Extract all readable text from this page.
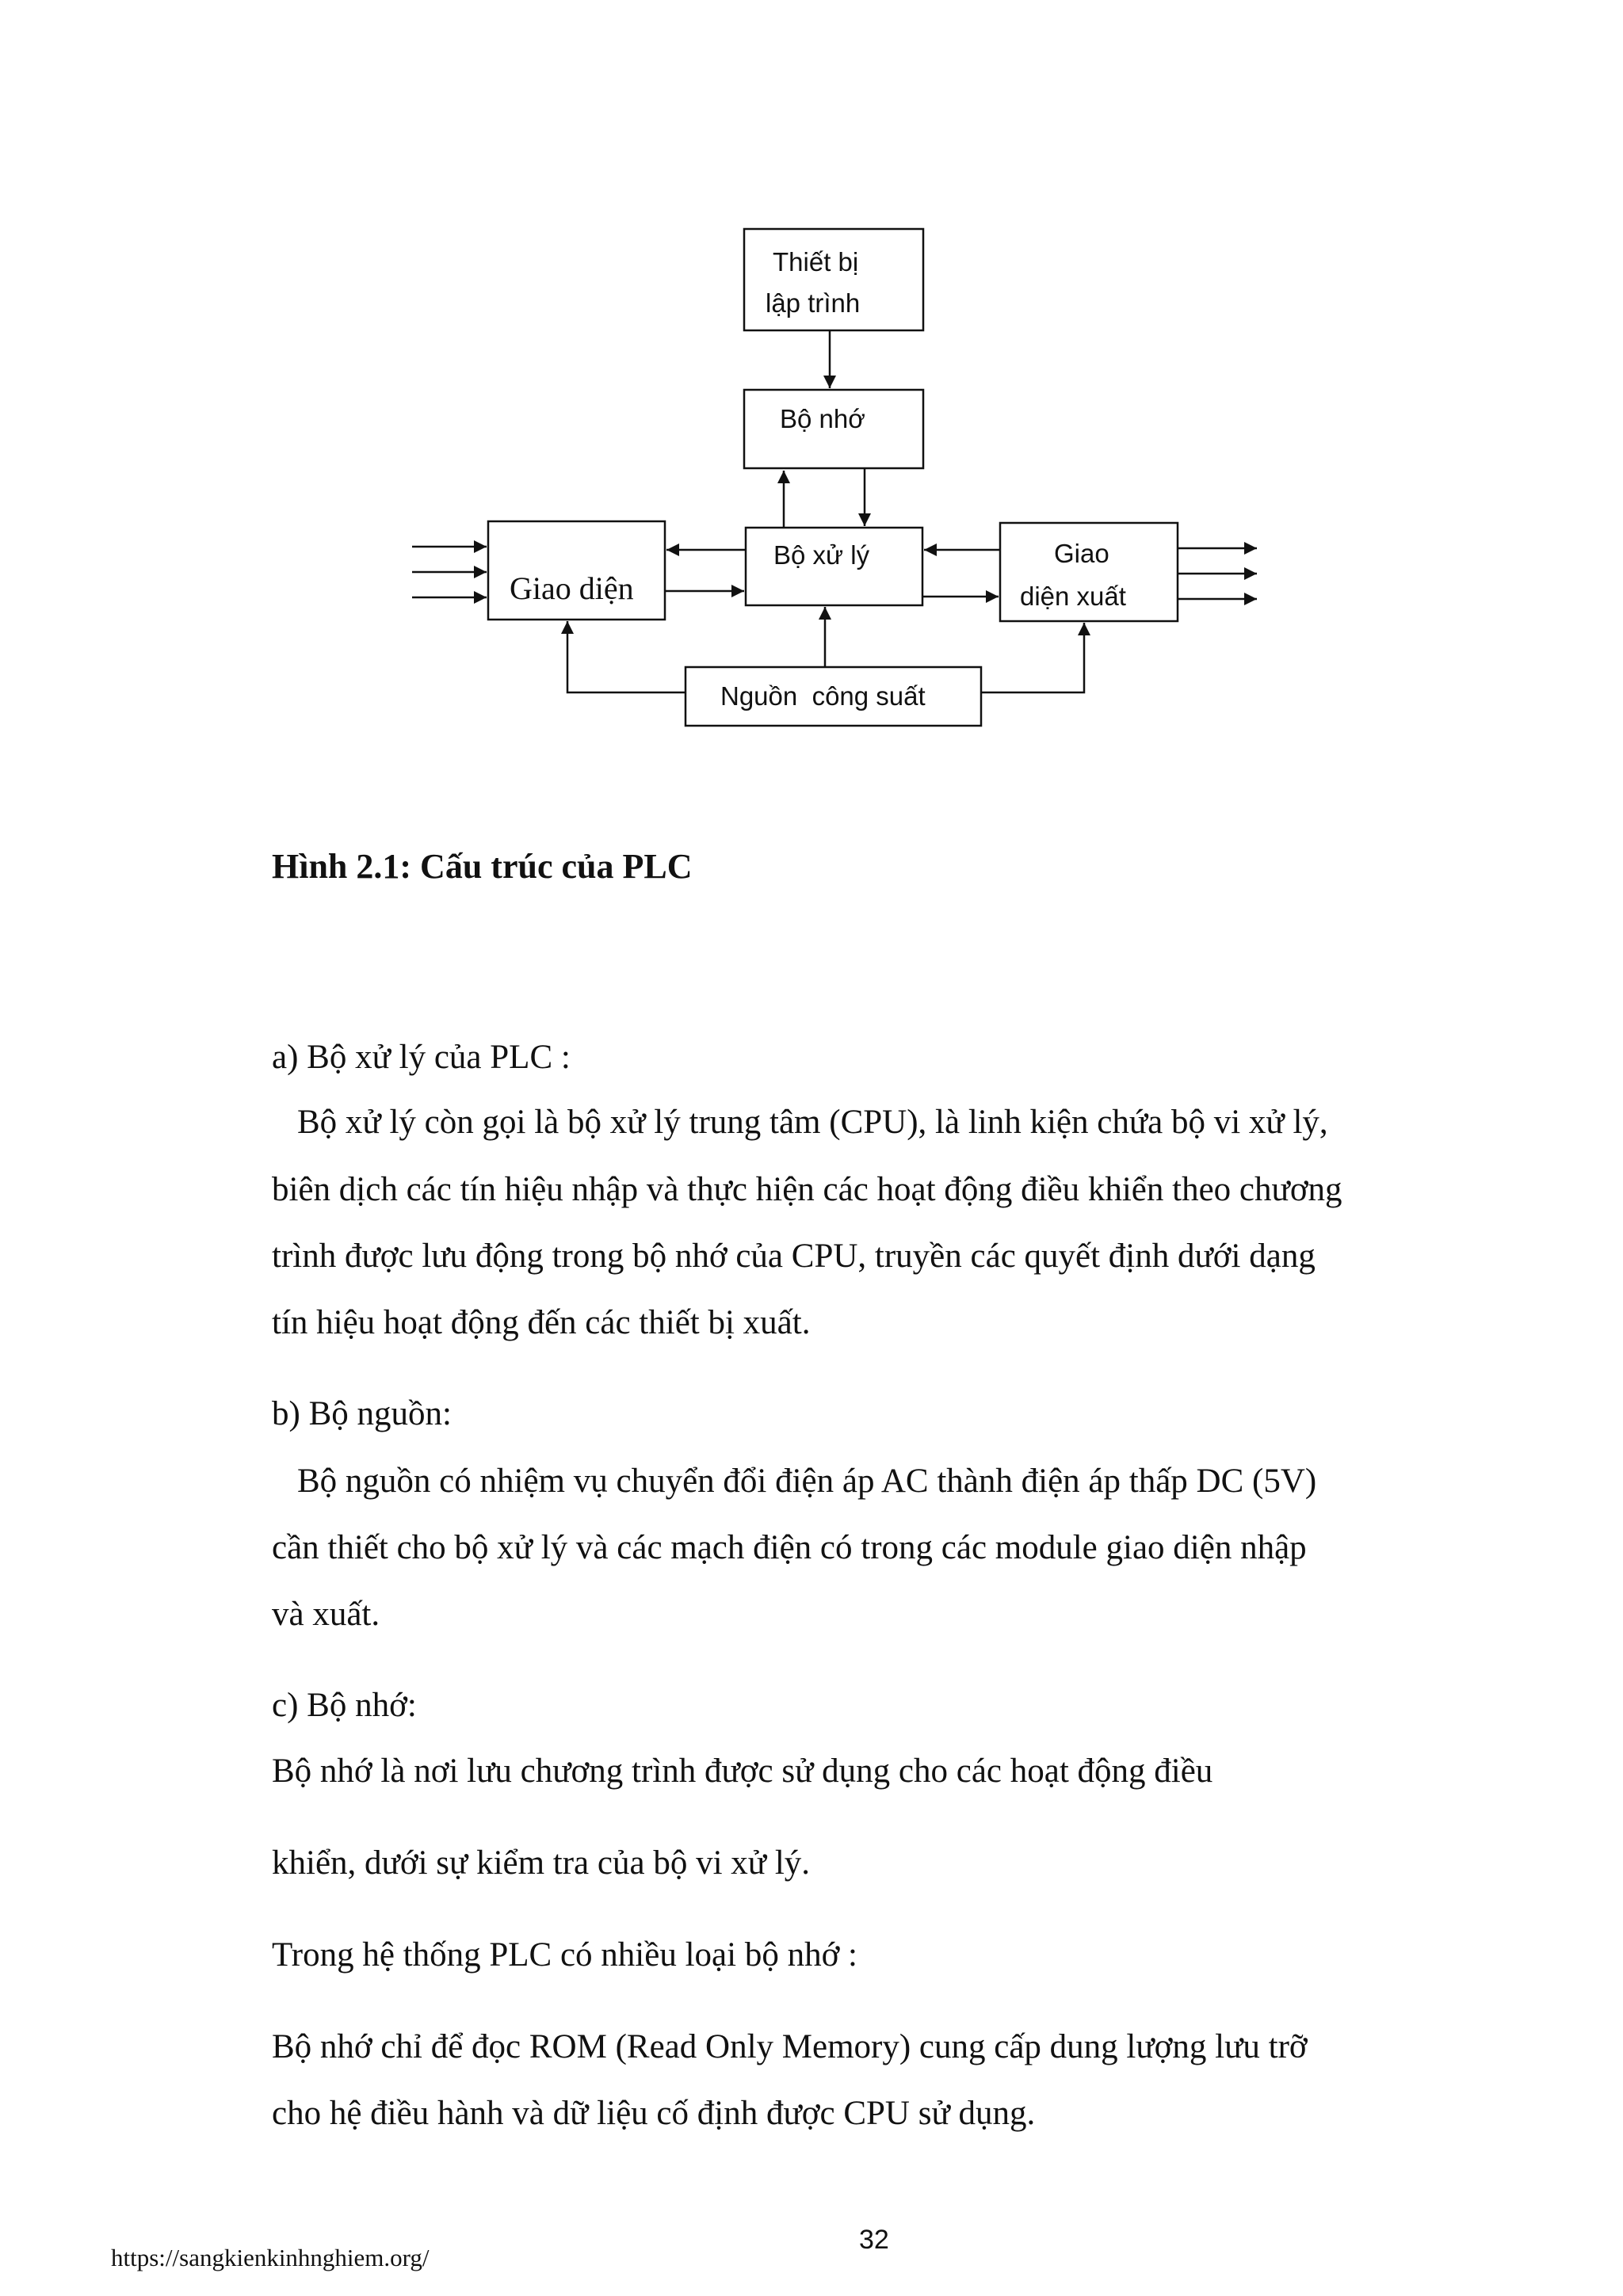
Thiết bị
lập trình
Bộ nhớ
Bộ xử lý	Giao
diện xuất
Nguồn  công suất
Giao diện
Hình 2.1: Cấu trúc của PLC
a) Bộ xử lý của PLC :
Bộ xử lý còn gọi là bộ xử lý trung tâm (CPU), là linh kiện chứa bộ vi xử lý,
biên dịch các tín hiệu nhập và thực hiện các hoạt động điều khiển theo chương
trình được lưu động trong bộ nhớ của CPU, truyền các quyết định dưới dạng
tín hiệu hoạt động đến các thiết bị xuất.
b) Bộ nguồn:
Bộ nguồn có nhiệm vụ chuyển đổi điện áp AC thành điện áp thấp DC (5V)
cần thiết cho bộ xử lý và các mạch điện có trong các module giao diện nhập
và xuất.
c) Bộ nhớ:
Bộ nhớ là nơi lưu chương trình được sử dụng cho các hoạt động điều
khiển, dưới sự kiểm tra của bộ vi xử lý.
Trong hệ thống PLC có nhiều loại bộ nhớ :
Bộ nhớ chỉ để đọc ROM (Read Only Memory) cung cấp dung lượng lưu trỡ
cho hệ điều hành và dữ liệu cố định được CPU sử dụng.
https://sangkienkinhnghiem.org/
32
